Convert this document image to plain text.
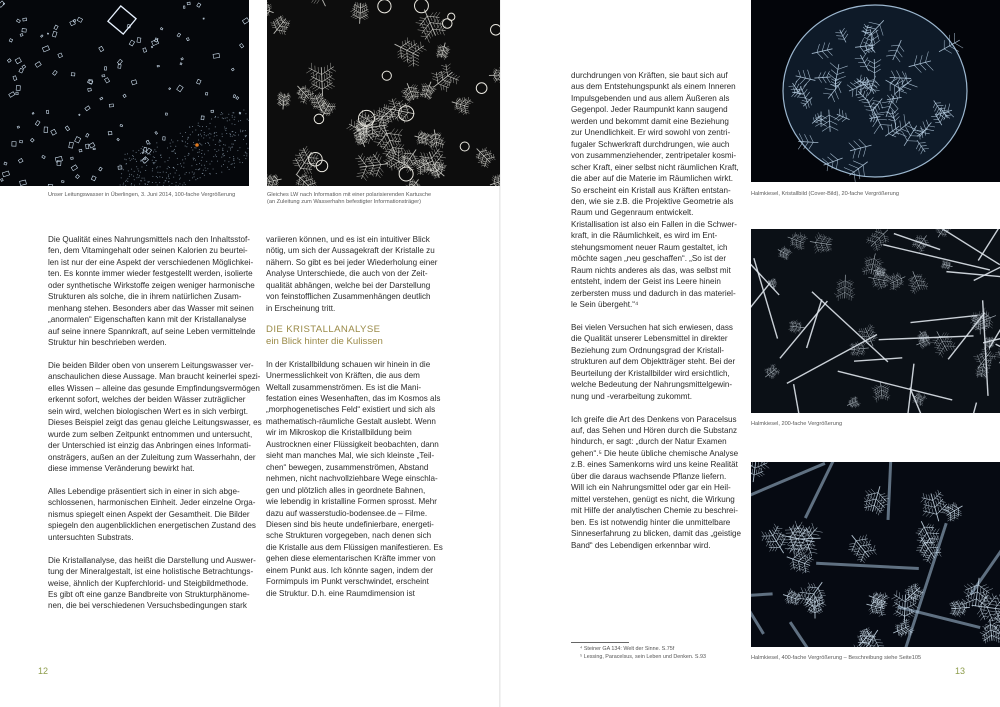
Unser Leitungswasser in Überlingen, 3. Juni 2014, 100-fache Vergrößerung	Gleiches LW nach Information mit einer polarisierenden Kartusche
(an Zuleitung zum Wasserhahn befestigter Informationsträger)

Die Qualität eines Nahrungsmittels nach den Inhaltsstof-
fen, dem Vitamingehalt oder seinen Kalorien zu beurtei-
len ist nur der eine Aspekt der verschiedenen Möglichkei-
ten. Es konnte immer wieder festgestellt werden, isolierte
oder synthetische Wirkstoffe zeigen weniger harmonische
Strukturen als solche, die in ihrem natürlichen Zusam-
menhang stehen. Besonders aber das Wasser mit seinen
„anormalen“ Eigenschaften kann mit der Kristallanalyse
auf seine innere Spannkraft, auf seine Leben vermittelnde
Struktur hin beschrieben werden.

Die beiden Bilder oben von unserem Leitungswasser ver-
anschaulichen diese Aussage. Man braucht keinerlei spezi-
elles Wissen – alleine das gesunde Empfindungsvermögen
erkennt sofort, welches der beiden Wässer zuträglicher
sein wird, welchen biologischen Wert es in sich verbirgt.
Dieses Beispiel zeigt das genau gleiche Leitungswasser, es
wurde zum selben Zeitpunkt entnommen und untersucht,
der Unterschied ist einzig das Anbringen eines Informati-
onsträgers, außen an der Zuleitung zum Wasserhahn, der
diese immense Veränderung bewirkt hat.

Alles Lebendige präsentiert sich in einer in sich abge-
schlossenen, harmonischen Einheit. Jeder einzelne Orga-
nismus spiegelt einen Aspekt der Gesamtheit. Die Bilder
spiegeln den augenblicklichen energetischen Zustand des
untersuchten Substrats.

Die Kristallanalyse, das heißt die Darstellung und Auswer-
tung der Mineralgestalt, ist eine holistische Betrachtungs-
weise, ähnlich der Kupferchlorid- und Steigbildmethode.
Es gibt oft eine ganze Bandbreite von Strukturphänome-
nen, die bei verschiedenen Versuchsbedingungen stark

variieren können, und es ist ein intuitiver Blick
nötig, um sich der Aussagekraft der Kristalle zu
nähern. So gibt es bei jeder Wiederholung einer
Analyse Unterschiede, die auch von der Zeit-
qualität abhängen, welche bei der Darstellung
von feinstofflichen Zusammenhängen deutlich
in Erscheinung tritt.

DIE KRISTALLANALYSE
ein Blick hinter die Kulissen

In der Kristallbildung schauen wir hinein in die
Unermesslichkeit von Kräften, die aus dem
Weltall zusammenströmen. Es ist die Mani-
festation eines Wesenhaften, das im Kosmos als
„morphogenetisches Feld“ existiert und sich als
mathematisch-räumliche Gestalt auslebt. Wenn
wir im Mikroskop die Kristallbildung beim
Austrocknen einer Flüssigkeit beobachten, dann
sieht man manches Mal, wie sich kleinste „Teil-
chen“ bewegen, zusammenströmen, Abstand
nehmen, nicht nachvollziehbare Wege einschla-
gen und plötzlich alles in geordnete Bahnen,
wie lebendig in kristalline Formen sprosst. Mehr
dazu auf wasserstudio-bodensee.de – Filme.
Diesen sind bis heute undefinierbare, energeti-
sche Strukturen vorgegeben, nach denen sich
die Kristalle aus dem Flüssigen manifestieren. Es
gehen diese elementarischen Kräfte immer von
einem Punkt aus. Ich könnte sagen, indem der
Formimpuls im Punkt verschwindet, erscheint
die Struktur. D.h. eine Raumdimension ist

12

durchdrungen von Kräften, sie baut sich auf
aus dem Entstehungspunkt als einem Inneren
Impulsgebenden und aus allem Äußeren als
Gegenpol. Jeder Raumpunkt kann saugend
werden und bekommt damit eine Beziehung
zur Unendlichkeit. Er wird sowohl von zentri-
fugaler Schwerkraft durchdrungen, wie auch
von zusammenziehender, zentripetaler kosmi-
scher Kraft, einer selbst nicht räumlichen Kraft,
die aber auf die Materie im Räumlichen wirkt.
So erscheint ein Kristall aus Kräften entstan-
den, wie sie z.B. die Projektive Geometrie als
Raum und Gegenraum entwickelt.
Kristallisation ist also ein Fallen in die Schwer-
kraft, in die Räumlichkeit, es wird im Ent-
stehungsmoment neuer Raum gestaltet, ich
möchte sagen „neu geschaffen“. „So ist der
Raum nichts anderes als das, was selbst mit
entsteht, indem der Geist ins Leere hinein
zerbersten muss und dadurch in das materiel-
le Sein übergeht.“⁴

Bei vielen Versuchen hat sich erwiesen, dass
die Qualität unserer Lebensmittel in direkter
Beziehung zum Ordnungsgrad der Kristall-
strukturen auf dem Objektträger steht. Bei der
Beurteilung der Kristallbilder wird ersichtlich,
welche Bedeutung der Nahrungsmittelgewin-
nung und -verarbeitung zukommt.

Ich greife die Art des Denkens von Paracelsus
auf, das Sehen und Hören durch die Substanz
hindurch, er sagt: „durch der Natur Examen
gehen“.⁵ Die heute übliche chemische Analyse
z.B. eines Samenkorns wird uns keine Realität
über die daraus wachsende Pflanze liefern.
Will ich ein Nahrungsmittel oder gar ein Heil-
mittel verstehen, genügt es nicht, die Wirkung
mit Hilfe der analytischen Chemie zu beschrei-
ben. Es ist notwendig hinter die unmittelbare
Sinneserfahrung zu blicken, damit das „geistige
Band“ des Lebendigen erkennbar wird.

⁴ Steiner GA 134: Welt der Sinne. S.75f
⁵ Lessing, Paracelsus, sein Leben und Denken. S.93
Halmkiesel, Kristallbild (Cover-Bild), 20-fache Vergrößerung
Halmkiesel, 200-fache Vergrößerung
Halmkiesel, 400-fache Vergrößerung – Beschreibung siehe Seite105
13
